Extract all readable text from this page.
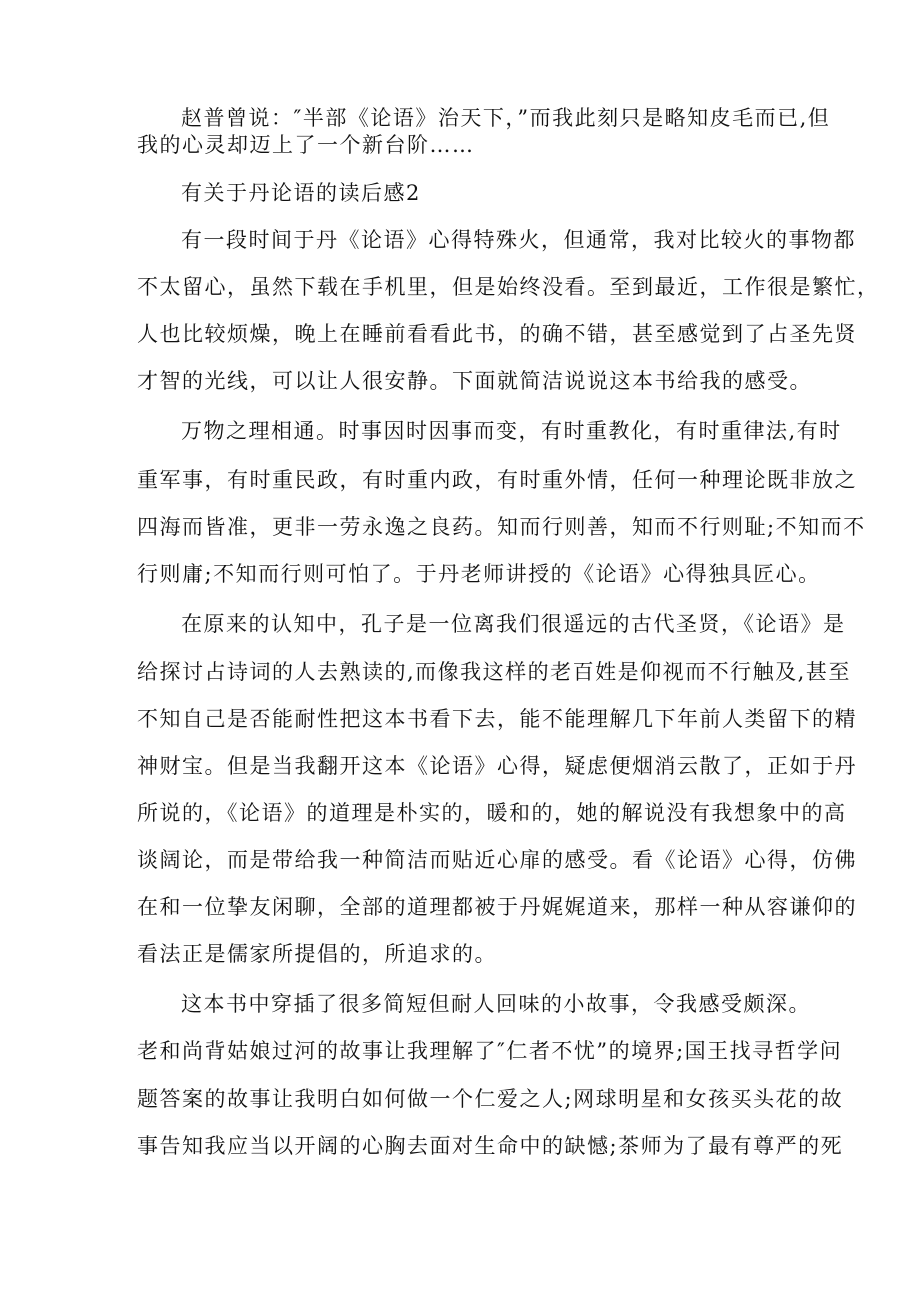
赵普曾说：″半部《论语》治天下，”而我此刻只是略知皮毛而已,但
我的心灵却迈上了一个新台阶……
有关于丹论语的读后感2
有一段时间于丹《论语》心得特殊火，但通常，我对比较火的事物都
不太留心，虽然下载在手机里，但是始终没看。至到最近，工作很是繁忙，
人也比较烦燥，晚上在睡前看看此书，的确不错，甚至感觉到了占圣先贤
才智的光线，可以让人很安静。下面就简洁说说这本书给我的感受。
万物之理相通。时事因时因事而变，有时重教化，有时重律法,有时
重军事，有时重民政，有时重内政，有时重外情，任何一种理论既非放之
四海而皆准，更非一劳永逸之良药。知而行则善，知而不行则耻;不知而不
行则庸;不知而行则可怕了。于丹老师讲授的《论语》心得独具匠心。
在原来的认知中，孔子是一位离我们很遥远的古代圣贤，《论语》是
给探讨占诗词的人去熟读的,而像我这样的老百姓是仰视而不行触及,甚至
不知自己是否能耐性把这本书看下去，能不能理解几下年前人类留下的精
神财宝。但是当我翻开这本《论语》心得，疑虑便烟消云散了，正如于丹
所说的，《论语》的道理是朴实的，暖和的，她的解说没有我想象中的高
谈阔论，而是带给我一种简洁而贴近心扉的感受。看《论语》心得，仿佛
在和一位挚友闲聊，全部的道理都被于丹娓娓道来，那样一种从容谦仰的
看法正是儒家所提倡的，所追求的。
这本书中穿插了很多简短但耐人回味的小故事，令我感受颇深。
老和尚背姑娘过河的故事让我理解了″仁者不忧”的境界;国王找寻哲学问
题答案的故事让我明白如何做一个仁爱之人;网球明星和女孩买头花的故
事告知我应当以开阔的心胸去面对生命中的缺憾;茶师为了最有尊严的死
